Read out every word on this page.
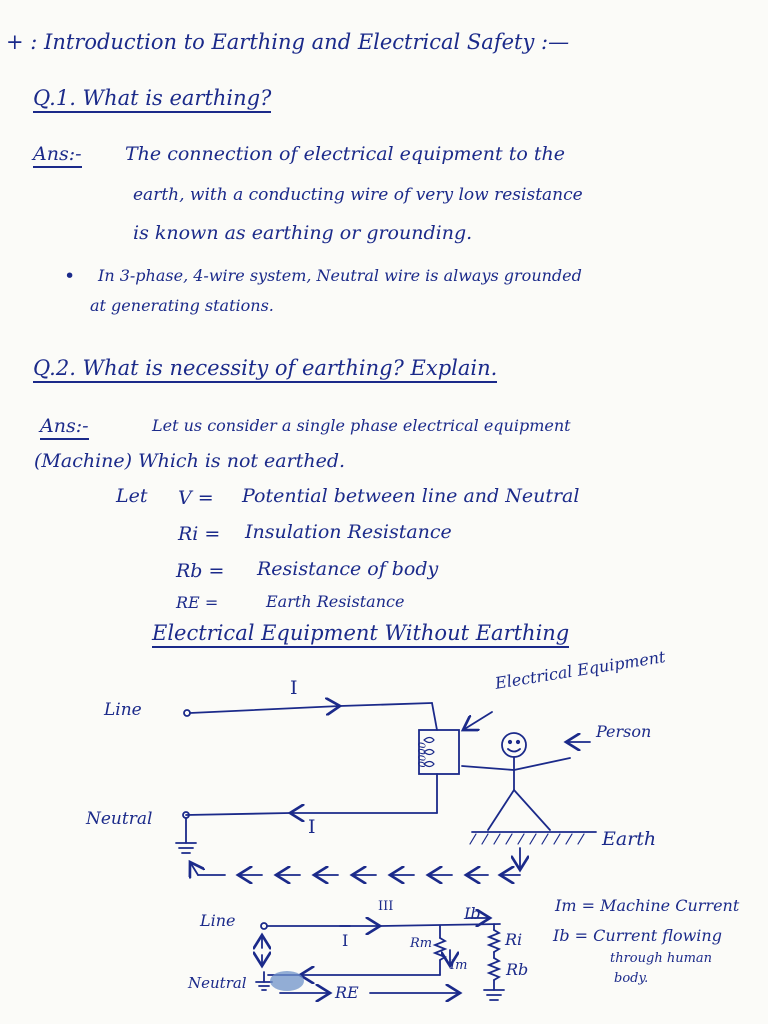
+ : Introduction to Earthing and Electrical Safety :—
Q.1. What is earthing?
Ans:- The connection of electrical equipment to the
earth, with a conducting wire of very low resistance
is known as earthing or grounding.
• In 3-phase, 4-wire system, Neutral wire is always grounded
at generating stations.
Q.2. What is necessity of earthing? Explain.
Ans:-	Let us consider a single phase electrical equipment
(Machine) Which is not earthed.
Let V = Potential between line and Neutral
Ri = Insulation Resistance
Rb = Resistance of body
RE =	Earth Resistance
Electrical Equipment Without Earthing
Line
Neutral
I
I
Electrical Equipment
Person
Earth
0000
Line
Neutral
I
Ib
III
Rm
Im
Ri
Rb
RE
Im = Machine Current
Ib = Current flowing
through human
body.
